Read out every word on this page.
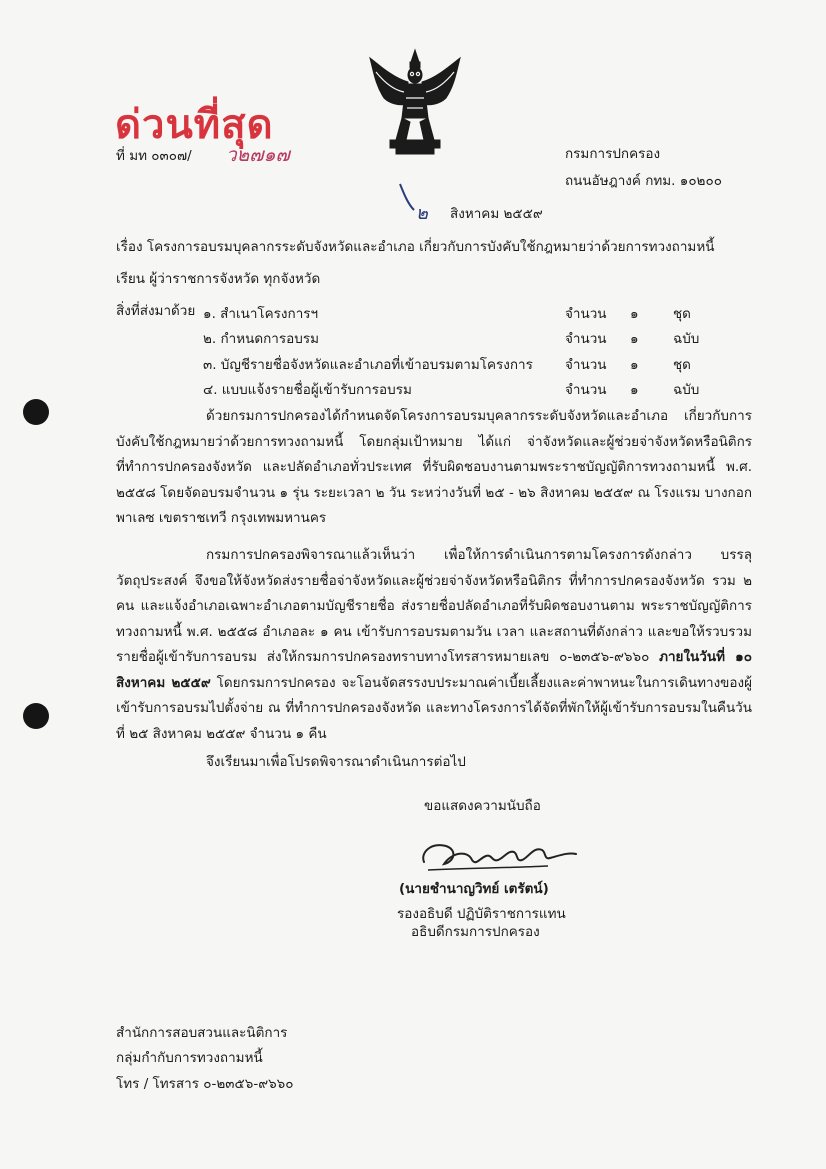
ด่วนที่สุด
ที่ มท ๐๓๐๗/ ว๒๗๑๗	กรมการปกครอง
ถนนอัษฎางค์ กทม. ๑๐๒๐๐
๒ สิงหาคม ๒๕๕๙
เรื่อง โครงการอบรมบุคลากรระดับจังหวัดและอำเภอ เกี่ยวกับการบังคับใช้กฎหมายว่าด้วยการทวงถามหนี้
เรียน ผู้ว่าราชการจังหวัด ทุกจังหวัด
สิ่งที่ส่งมาด้วย ๑. สำเนาโครงการฯ	จำนวน ๑	ชุด
๒. กำหนดการอบรม	จำนวน ๑	ฉบับ
๓. บัญชีรายชื่อจังหวัดและอำเภอที่เข้าอบรมตามโครงการ จำนวน ๑	ชุด
๔. แบบแจ้งรายชื่อผู้เข้ารับการอบรม	จำนวน ๑	ฉบับ
ด้วยกรมการปกครองได้กำหนดจัดโครงการอบรมบุคลากรระดับจังหวัดและอำเภอ เกี่ยวกับการบังคับใช้กฎหมายว่าด้วยการทวงถามหนี้ โดยกลุ่มเป้าหมาย ได้แก่ จ่าจังหวัดและผู้ช่วยจ่าจังหวัดหรือนิติกร ที่ทำการปกครองจังหวัด และปลัดอำเภอทั่วประเทศ ที่รับผิดชอบงานตามพระราชบัญญัติการทวงถามหนี้ พ.ศ. ๒๕๕๘ โดยจัดอบรมจำนวน ๑ รุ่น ระยะเวลา ๒ วัน ระหว่างวันที่ ๒๕ - ๒๖ สิงหาคม ๒๕๕๙ ณ โรงแรม บางกอกพาเลซ เขตราชเทวี กรุงเทพมหานคร
กรมการปกครองพิจารณาแล้วเห็นว่า เพื่อให้การดำเนินการตามโครงการดังกล่าว บรรลุวัตถุประสงค์ จึงขอให้จังหวัดส่งรายชื่อจ่าจังหวัดและผู้ช่วยจ่าจังหวัดหรือนิติกร ที่ทำการปกครองจังหวัด รวม ๒ คน และแจ้งอำเภอเฉพาะอำเภอตามบัญชีรายชื่อ ส่งรายชื่อปลัดอำเภอที่รับผิดชอบงานตาม พระราชบัญญัติการทวงถามหนี้ พ.ศ. ๒๕๕๘ อำเภอละ ๑ คน เข้ารับการอบรมตามวัน เวลา และสถานที่ดังกล่าว และขอให้รวบรวมรายชื่อผู้เข้ารับการอบรม ส่งให้กรมการปกครองทราบทางโทรสารหมายเลข ๐-๒๓๕๖-๙๖๖๐ ภายในวันที่ ๑๐ สิงหาคม ๒๕๕๙ โดยกรมการปกครอง จะโอนจัดสรรงบประมาณค่าเบี้ยเลี้ยงและค่าพาหนะในการเดินทางของผู้เข้ารับการอบรมไปตั้งจ่าย ณ ที่ทำการปกครองจังหวัด และทางโครงการได้จัดที่พักให้ผู้เข้ารับการอบรมในคืนวันที่ ๒๕ สิงหาคม ๒๕๕๙ จำนวน ๑ คืน
จึงเรียนมาเพื่อโปรดพิจารณาดำเนินการต่อไป
ขอแสดงความนับถือ
(นายชำนาญวิทย์ เตรัตน์)
รองอธิบดี ปฏิบัติราชการแทน
อธิบดีกรมการปกครอง
สำนักการสอบสวนและนิติการ
กลุ่มกำกับการทวงถามหนี้
โทร / โทรสาร ๐-๒๓๕๖-๙๖๖๐
